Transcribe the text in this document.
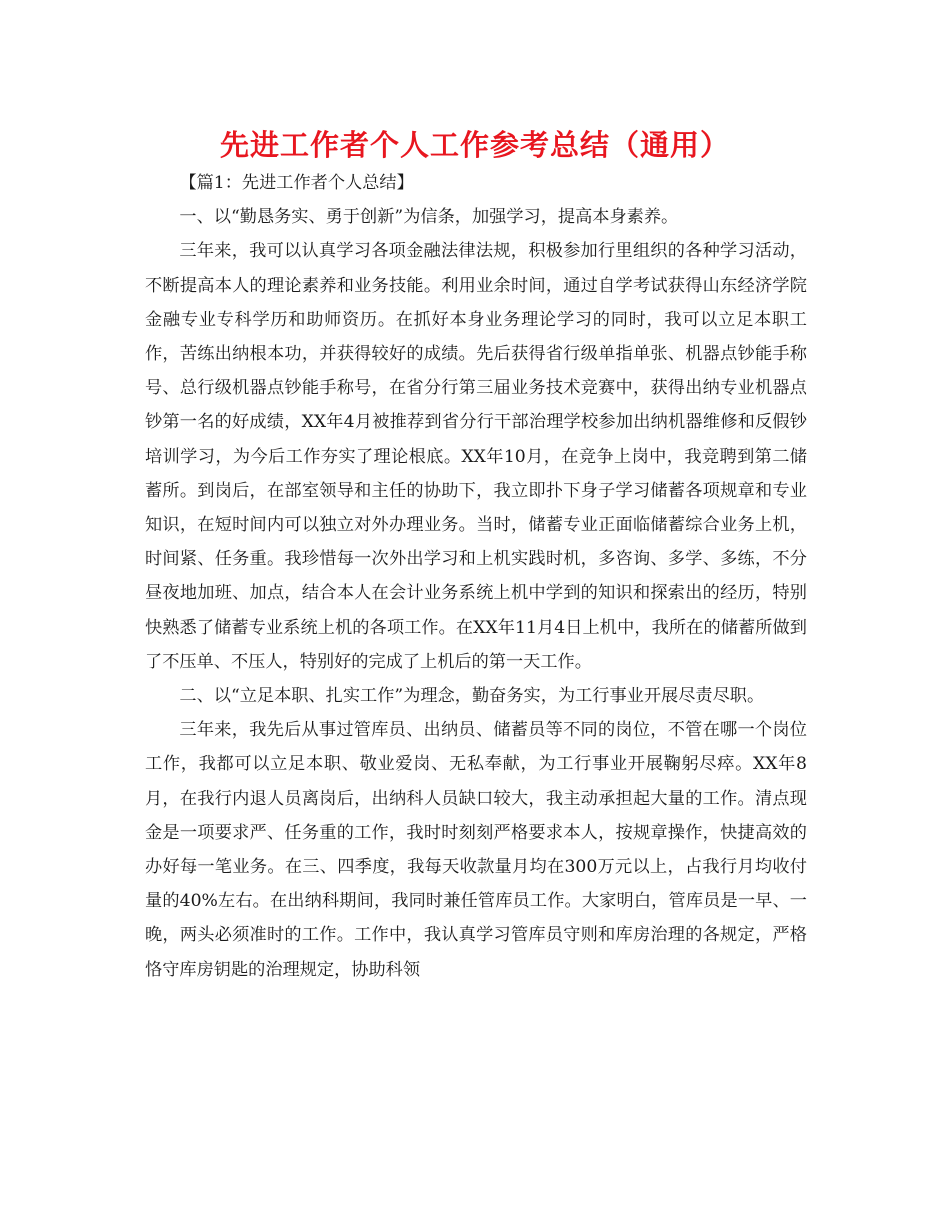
先进工作者个人工作参考总结（通用）

【篇1：先进工作者个人总结】

一、以“勤恳务实、勇于创新”为信条，加强学习，提高本身素养。

三年来，我可以认真学习各项金融法律法规，积极参加行里组织的各种学习活动，不断提高本人的理论素养和业务技能。利用业余时间，通过自学考试获得山东经济学院金融专业专科学历和助师资历。在抓好本身业务理论学习的同时，我可以立足本职工作，苦练出纳根本功，并获得较好的成绩。先后获得省行级单指单张、机器点钞能手称号、总行级机器点钞能手称号，在省分行第三届业务技术竞赛中，获得出纳专业机器点钞第一名的好成绩，XX年4月被推荐到省分行干部治理学校参加出纳机器维修和反假钞培训学习，为今后工作夯实了理论根底。XX年10月，在竞争上岗中，我竞聘到第二储蓄所。到岗后，在部室领导和主任的协助下，我立即扑下身子学习储蓄各项规章和专业知识，在短时间内可以独立对外办理业务。当时，储蓄专业正面临储蓄综合业务上机，时间紧、任务重。我珍惜每一次外出学习和上机实践时机，多咨询、多学、多练，不分昼夜地加班、加点，结合本人在会计业务系统上机中学到的知识和探索出的经历，特别快熟悉了储蓄专业系统上机的各项工作。在XX年11月4日上机中，我所在的储蓄所做到了不压单、不压人，特别好的完成了上机后的第一天工作。

二、以“立足本职、扎实工作”为理念，勤奋务实，为工行事业开展尽责尽职。

三年来，我先后从事过管库员、出纳员、储蓄员等不同的岗位，不管在哪一个岗位工作，我都可以立足本职、敬业爱岗、无私奉献，为工行事业开展鞠躬尽瘁。XX年8月，在我行内退人员离岗后，出纳科人员缺口较大，我主动承担起大量的工作。清点现金是一项要求严、任务重的工作，我时时刻刻严格要求本人，按规章操作，快捷高效的办好每一笔业务。在三、四季度，我每天收款量月均在300万元以上，占我行月均收付量的40%左右。在出纳科期间，我同时兼任管库员工作。大家明白，管库员是一早、一晚，两头必须准时的工作。工作中，我认真学习管库员守则和库房治理的各规定，严格恪守库房钥匙的治理规定，协助科领
